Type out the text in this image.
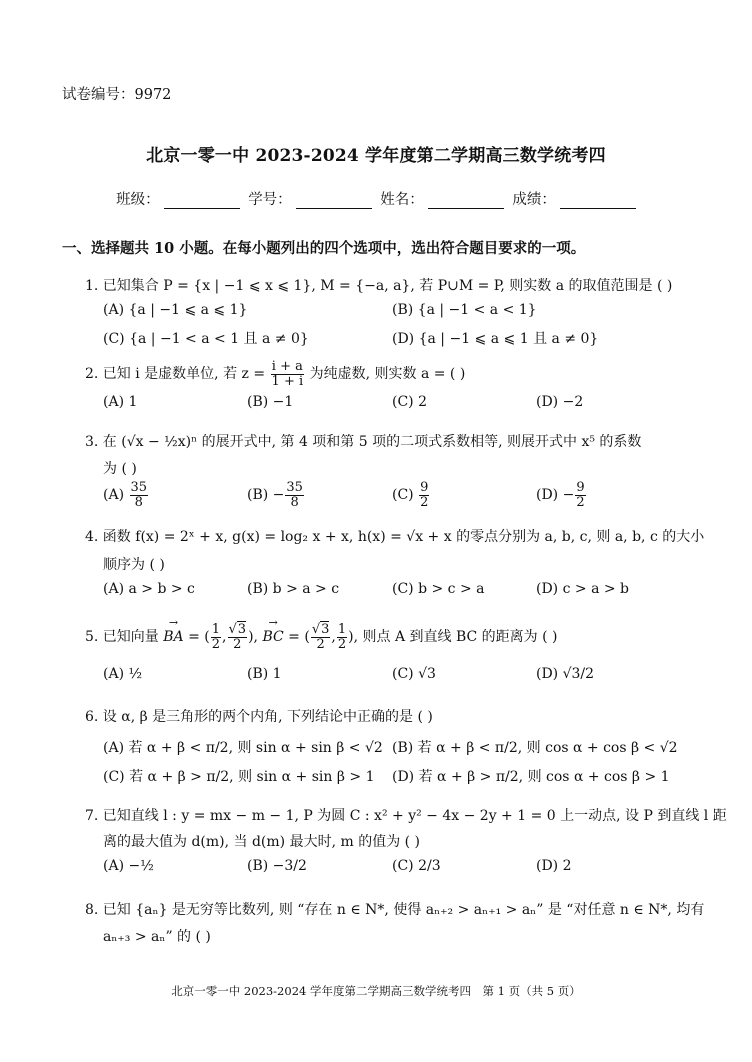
试卷编号：9972
北京一零一中 2023-2024 学年度第二学期高三数学统考四
班级：	学号：	姓名：	成绩：
一、选择题共 10 小题。在每小题列出的四个选项中，选出符合题目要求的一项。
1. 已知集合 P = {x | −1 ⩽ x ⩽ 1}, M = {−a, a}, 若 P∪M = P, 则实数 a 的取值范围是 ( )
(A) {a | −1 ⩽ a ⩽ 1}	(B) {a | −1 < a < 1}
(C) {a | −1 < a < 1 且 a ≠ 0}	(D) {a | −1 ⩽ a ⩽ 1 且 a ≠ 0}
2. 已知 i 是虚数单位, 若 $z = \frac{i + a}{1 + i}$ 为纯虚数, 则实数 a = ( )
(A) 1	(B) −1	(C) 2	(D) −2
3. 在 (√x − ½x)ⁿ 的展开式中, 第 4 项和第 5 项的二项式系数相等, 则展开式中 x⁵ 的系数
为 ( )
$(A) \frac{35}{8}$	$(B) - \frac{35}{8}$	$(C) \frac{9}{2}$	$(D) - \frac{9}{2}$
4. 函数 f(x) = 2ˣ + x, g(x) = log₂ x + x, h(x) = √x + x 的零点分别为 a, b, c, 则 a, b, c 的大小
顺序为 ( )
(A) a > b > c	(B) b > a > c	(C) b > c > a	(D) c > a > b
5. 已知向量 → BA = ( $\frac{1}{2}$ , $\frac{√3}{2}$ ), → BC = ( $\frac{√3}{2}$ , $\frac{1}{2}$ ), 则点 A 到直线 BC 的距离为 ( )
(A) ½	(B) 1	(C) √3	(D) √3/2
6. 设 α, β 是三角形的两个内角, 下列结论中正确的是 ( )
(A) 若 α + β < π/2, 则 sin α + sin β < √2 (B) 若 α + β < π/2, 则 cos α + cos β < √2
(C) 若 α + β > π/2, 则 sin α + sin β > 1 (D) 若 α + β > π/2, 则 cos α + cos β > 1
7. 已知直线 l : y = mx − m − 1, P 为圆 C : x² + y² − 4x − 2y + 1 = 0 上一动点, 设 P 到直线 l 距
离的最大值为 d(m), 当 d(m) 最大时, m 的值为 ( )
(A) −½	(B) −3/2	(C) 2/3	(D) 2
8. 已知 {aₙ} 是无穷等比数列, 则 “存在 n ∈ N*, 使得 aₙ₊₂ > aₙ₊₁ > aₙ” 是 “对任意 n ∈ N*, 均有
aₙ₊₃ > aₙ” 的 ( )
北京一零一中 2023-2024 学年度第二学期高三数学统考四　第 1 页（共 5 页）
